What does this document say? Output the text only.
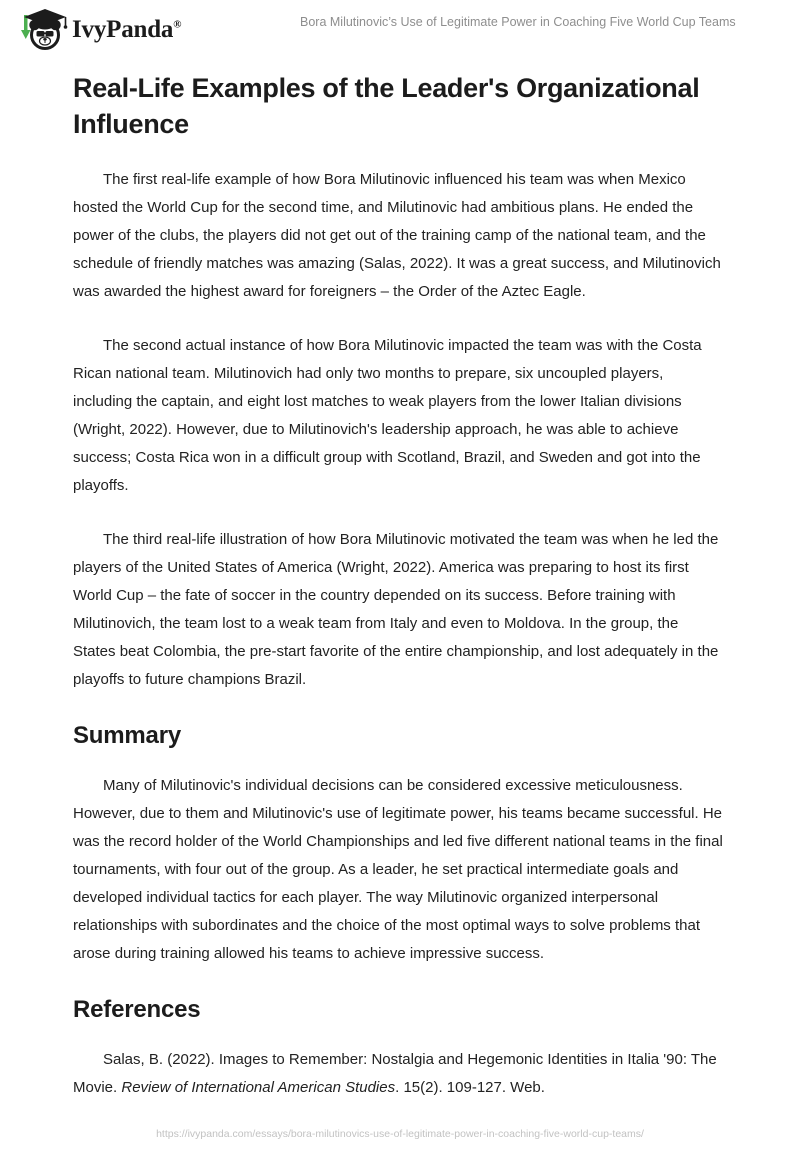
IvyPanda®	Bora Milutinovic’s Use of Legitimate Power in Coaching Five World Cup Teams
Real-Life Examples of the Leader's Organizational Influence

The first real-life example of how Bora Milutinovic influenced his team was when Mexico hosted the World Cup for the second time, and Milutinovic had ambitious plans. He ended the power of the clubs, the players did not get out of the training camp of the national team, and the schedule of friendly matches was amazing (Salas, 2022). It was a great success, and Milutinovich was awarded the highest award for foreigners – the Order of the Aztec Eagle.

The second actual instance of how Bora Milutinovic impacted the team was with the Costa Rican national team. Milutinovich had only two months to prepare, six uncoupled players, including the captain, and eight lost matches to weak players from the lower Italian divisions (Wright, 2022). However, due to Milutinovich's leadership approach, he was able to achieve success; Costa Rica won in a difficult group with Scotland, Brazil, and Sweden and got into the playoffs.

The third real-life illustration of how Bora Milutinovic motivated the team was when he led the players of the United States of America (Wright, 2022). America was preparing to host its first World Cup – the fate of soccer in the country depended on its success. Before training with Milutinovich, the team lost to a weak team from Italy and even to Moldova. In the group, the States beat Colombia, the pre-start favorite of the entire championship, and lost adequately in the playoffs to future champions Brazil.

Summary

Many of Milutinovic's individual decisions can be considered excessive meticulousness. However, due to them and Milutinovic's use of legitimate power, his teams became successful. He was the record holder of the World Championships and led five different national teams in the final tournaments, with four out of the group. As a leader, he set practical intermediate goals and developed individual tactics for each player. The way Milutinovic organized interpersonal relationships with subordinates and the choice of the most optimal ways to solve problems that arose during training allowed his teams to achieve impressive success.

References

Salas, B. (2022). Images to Remember: Nostalgia and Hegemonic Identities in Italia '90: The Movie. Review of International American Studies. 15(2). 109-127. Web.

https://ivypanda.com/essays/bora-milutinovics-use-of-legitimate-power-in-coaching-five-world-cup-teams/
